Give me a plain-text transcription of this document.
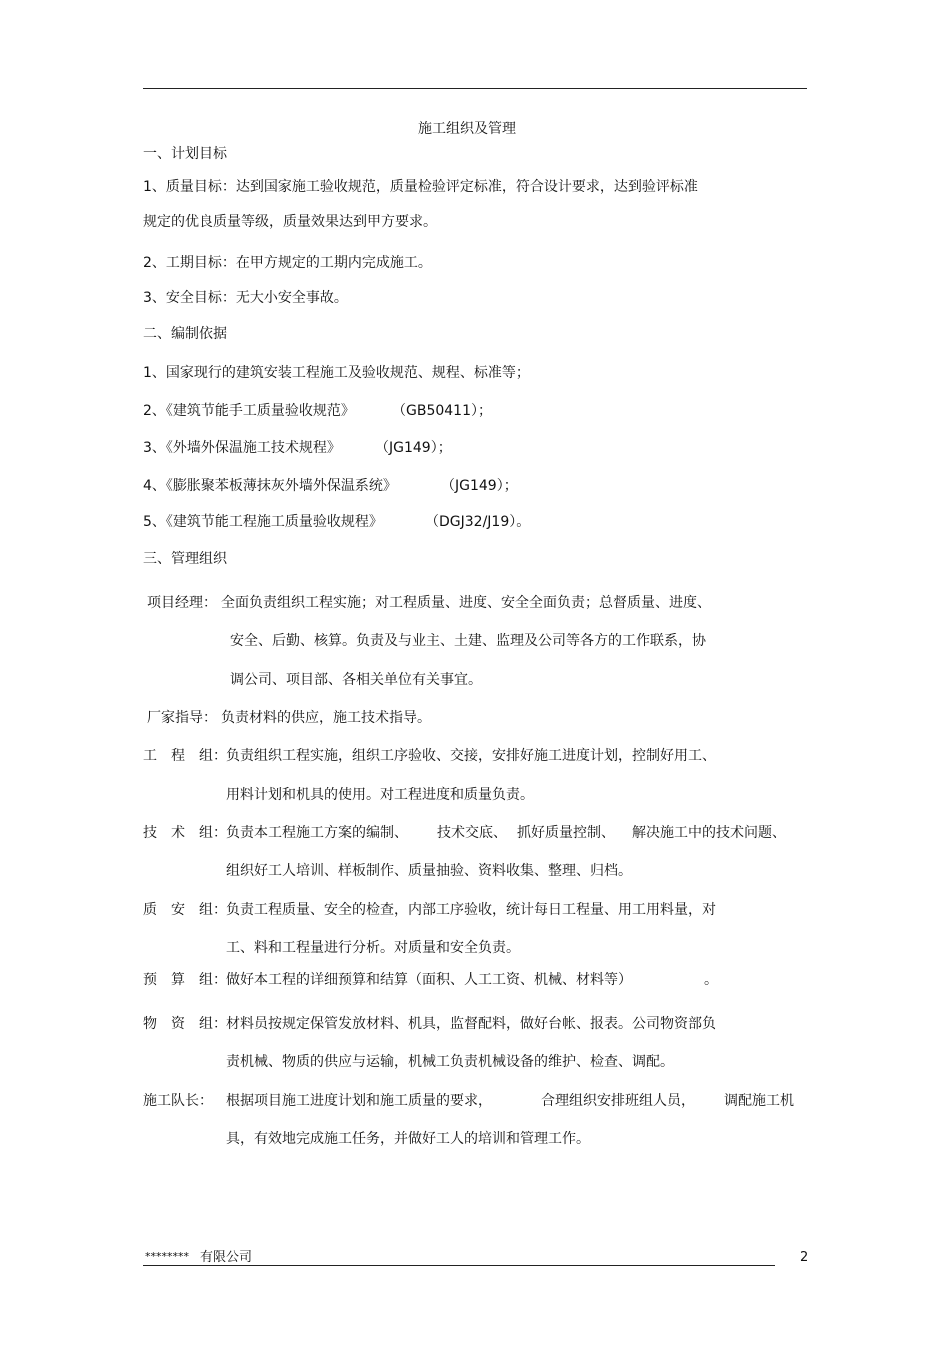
施工组织及管理
一、计划目标
1、质量目标：达到国家施工验收规范，质量检验评定标准，符合设计要求，达到验评标准
规定的优良质量等级，质量效果达到甲方要求。
2、工期目标：在甲方规定的工期内完成施工。
3、安全目标：无大小安全事故。
二、编制依据
1、国家现行的建筑安装工程施工及验收规范、规程、标准等；
2、《建筑节能手工质量验收规范》	（GB50411）；
3、《外墙外保温施工技术规程》 （JG149）；
4、《膨胀聚苯板薄抹灰外墙外保温系统》	（JG149）；
5、《建筑节能工程施工质量验收规程》	（DGJ32/J19）。
三、管理组织
项目经理： 全面负责组织工程实施；对工程质量、进度、安全全面负责；总督质量、进度、
安全、后勤、核算。负责及与业主、土建、监理及公司等各方的工作联系，协
调公司、项目部、各相关单位有关事宜。
厂家指导： 负责材料的供应，施工技术指导。
工　程　组： 负责组织工程实施，组织工序验收、交接，安排好施工进度计划，控制好用工、
用料计划和机具的使用。对工程进度和质量负责。
技　术　组： 负责本工程施工方案的编制、 技术交底、 抓好质量控制、 解决施工中的技术问题、
组织好工人培训、样板制作、质量抽验、资料收集、整理、归档。
质　安　组： 负责工程质量、安全的检查，内部工序验收，统计每日工程量、用工用料量，对
工、料和工程量进行分析。对质量和安全负责。
预　算　组： 做好本工程的详细预算和结算（面积、人工工资、机械、材料等）	。
物　资　组： 材料员按规定保管发放材料、机具，监督配料，做好台帐、报表。公司物资部负
责机械、物质的供应与运输，机械工负责机械设备的维护、检查、调配。
施工队长： 根据项目施工进度计划和施工质量的要求，	合理组织安排班组人员， 调配施工机
具，有效地完成施工任务，并做好工人的培训和管理工作。
******** 有限公司	2
